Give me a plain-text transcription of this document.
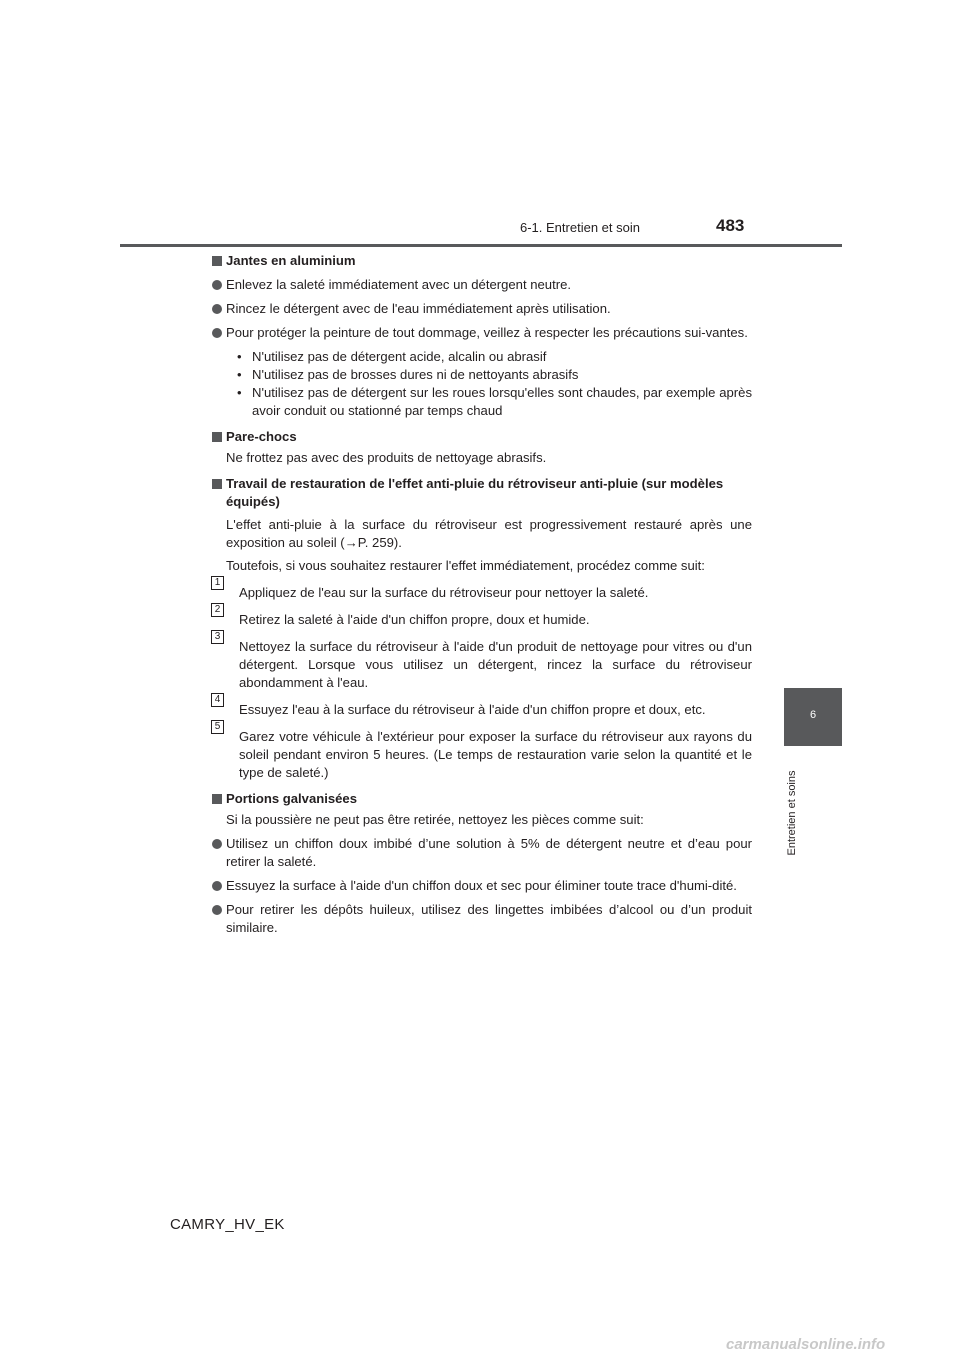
6-1. Entretien et soin	483
6
Entretien et soins
Jantes en aluminium
Enlevez la saleté immédiatement avec un détergent neutre.
Rincez le détergent avec de l'eau immédiatement après utilisation.
Pour protéger la peinture de tout dommage, veillez à respecter les précautions sui-vantes.
• N'utilisez pas de détergent acide, alcalin ou abrasif
• N'utilisez pas de brosses dures ni de nettoyants abrasifs
• N'utilisez pas de détergent sur les roues lorsqu'elles sont chaudes, par exemple après avoir conduit ou stationné par temps chaud
Pare-chocs
Ne frottez pas avec des produits de nettoyage abrasifs.
Travail de restauration de l'effet anti-pluie du rétroviseur anti-pluie (sur modèles équipés)
L'effet anti-pluie à la surface du rétroviseur est progressivement restauré après une exposition au soleil (→P. 259).
Toutefois, si vous souhaitez restaurer l'effet immédiatement, procédez comme suit:
1
Appliquez de l'eau sur la surface du rétroviseur pour nettoyer la saleté.
2
Retirez la saleté à l'aide d'un chiffon propre, doux et humide.
3
Nettoyez la surface du rétroviseur à l'aide d'un produit de nettoyage pour vitres ou d'un détergent. Lorsque vous utilisez un détergent, rincez la surface du rétroviseur abondamment à l'eau.
4
Essuyez l'eau à la surface du rétroviseur à l'aide d'un chiffon propre et doux, etc.
5
Garez votre véhicule à l'extérieur pour exposer la surface du rétroviseur aux rayons du soleil pendant environ 5 heures. (Le temps de restauration varie selon la quantité et le type de saleté.)
Portions galvanisées
Si la poussière ne peut pas être retirée, nettoyez les pièces comme suit:
Utilisez un chiffon doux imbibé d’une solution à 5% de détergent neutre et d’eau pour retirer la saleté.
Essuyez la surface à l'aide d'un chiffon doux et sec pour éliminer toute trace d'humi-dité.
Pour retirer les dépôts huileux, utilisez des lingettes imbibées d’alcool ou d’un produit similaire.
CAMRY_HV_EK
carmanualsonline.info
